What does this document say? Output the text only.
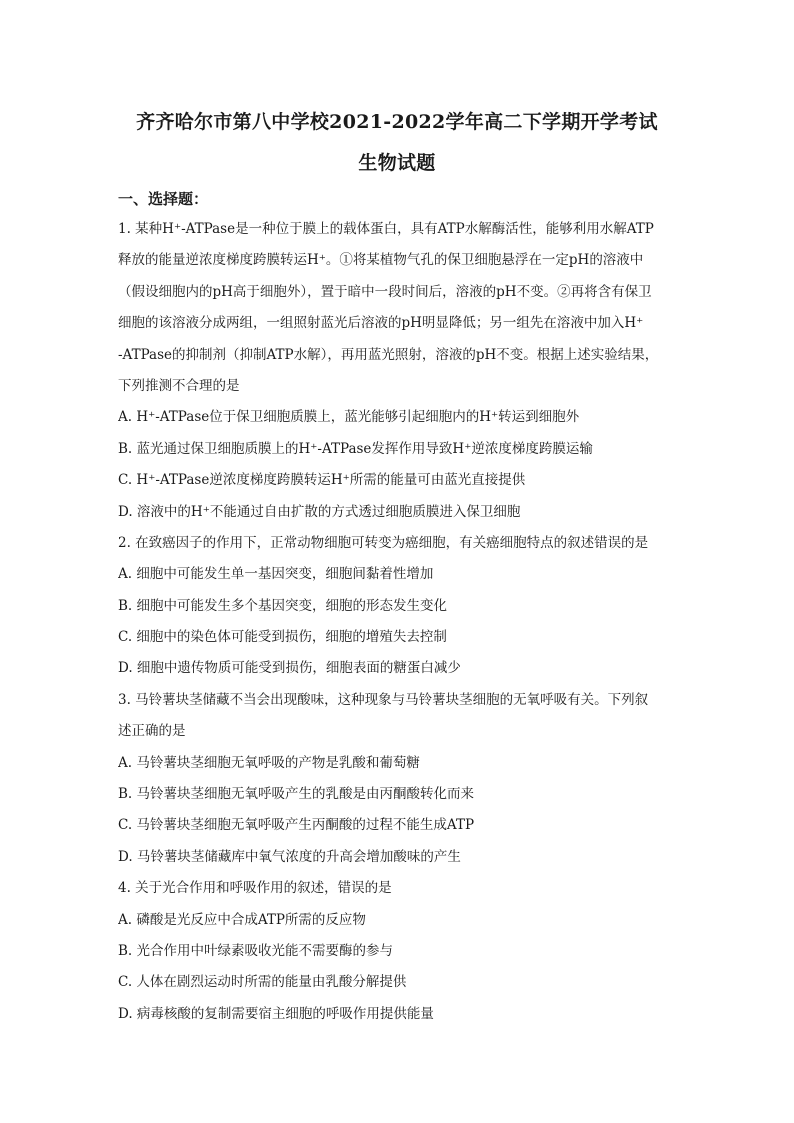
齐齐哈尔市第八中学校2021-2022学年高二下学期开学考试
生物试题
一、选择题：
1. 某种H⁺-ATPase是一种位于膜上的载体蛋白，具有ATP水解酶活性，能够利用水解ATP
释放的能量逆浓度梯度跨膜转运H⁺。①将某植物气孔的保卫细胞悬浮在一定pH的溶液中
（假设细胞内的pH高于细胞外），置于暗中一段时间后，溶液的pH不变。②再将含有保卫
细胞的该溶液分成两组，一组照射蓝光后溶液的pH明显降低；另一组先在溶液中加入H⁺
-ATPase的抑制剂（抑制ATP水解），再用蓝光照射，溶液的pH不变。根据上述实验结果，
下列推测不合理的是
A. H⁺-ATPase位于保卫细胞质膜上，蓝光能够引起细胞内的H⁺转运到细胞外
B. 蓝光通过保卫细胞质膜上的H⁺-ATPase发挥作用导致H⁺逆浓度梯度跨膜运输
C. H⁺-ATPase逆浓度梯度跨膜转运H⁺所需的能量可由蓝光直接提供
D. 溶液中的H⁺不能通过自由扩散的方式透过细胞质膜进入保卫细胞
2. 在致癌因子的作用下，正常动物细胞可转变为癌细胞，有关癌细胞特点的叙述错误的是
A. 细胞中可能发生单一基因突变，细胞间黏着性增加
B. 细胞中可能发生多个基因突变，细胞的形态发生变化
C. 细胞中的染色体可能受到损伤，细胞的增殖失去控制
D. 细胞中遗传物质可能受到损伤，细胞表面的糖蛋白减少
3. 马铃薯块茎储藏不当会出现酸味，这种现象与马铃薯块茎细胞的无氧呼吸有关。下列叙
述正确的是
A. 马铃薯块茎细胞无氧呼吸的产物是乳酸和葡萄糖
B. 马铃薯块茎细胞无氧呼吸产生的乳酸是由丙酮酸转化而来
C. 马铃薯块茎细胞无氧呼吸产生丙酮酸的过程不能生成ATP
D. 马铃薯块茎储藏库中氧气浓度的升高会增加酸味的产生
4. 关于光合作用和呼吸作用的叙述，错误的是
A. 磷酸是光反应中合成ATP所需的反应物
B. 光合作用中叶绿素吸收光能不需要酶的参与
C. 人体在剧烈运动时所需的能量由乳酸分解提供
D. 病毒核酸的复制需要宿主细胞的呼吸作用提供能量
